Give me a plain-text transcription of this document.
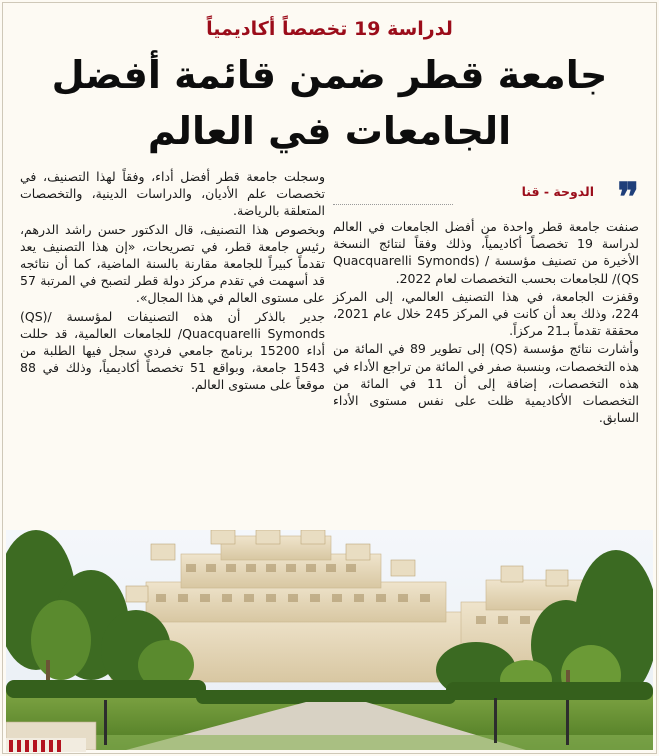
لدراسة 19 تخصصاً أكاديمياً
جامعة قطر ضمن قائمة أفضل
الجامعات في العالم
❞
الدوحة - قنا

صنفت جامعة قطر واحدة من أفضل الجامعات في العالم لدراسة 19 تخصصاً أكاديمياً، وذلك وفقاً لنتائج النسخة الأخيرة من تصنيف مؤسسة / (Quacquarelli Symonds (QS/ للجامعات بحسب التخصصات لعام 2022.

وقفزت الجامعة، في هذا التصنيف العالمي، إلى المركز 224، وذلك بعد أن كانت في المركز 245 خلال عام 2021، محققة تقدماً بـ21 مركزاً.

وأشارت نتائج مؤسسة (QS) إلى تطوير 89 في المائة من هذه التخصصات، وبنسبة صفر في المائة من تراجع الأداء في هذه التخصصات، إضافة إلى أن 11 في المائة من التخصصات الأكاديمية ظلت على نفس مستوى الأداء السابق.

وسجلت جامعة قطر أفضل أداء، وفقاً لهذا التصنيف، في تخصصات علم الأديان، والدراسات الدينية، والتخصصات المتعلقة بالرياضة.

وبخصوص هذا التصنيف، قال الدكتور حسن راشد الدرهم، رئيس جامعة قطر، في تصريحات، «إن هذا التصنيف يعد تقدماً كبيراً للجامعة مقارنة بالسنة الماضية، كما أن نتائجه قد أسهمت في تقدم مركز دولة قطر لتصبح في المرتبة 57 على مستوى العالم في هذا المجال».

جدير بالذكر أن هذه التصنيفات لمؤسسة /(QS) Quacquarelli Symonds/ للجامعات العالمية، قد حللت أداء 15200 برنامج جامعي فردي سجل فيها الطلبة من 1543 جامعة، وبواقع 51 تخصصاً أكاديمياً، وذلك في 88 موقعاً على مستوى العالم.
